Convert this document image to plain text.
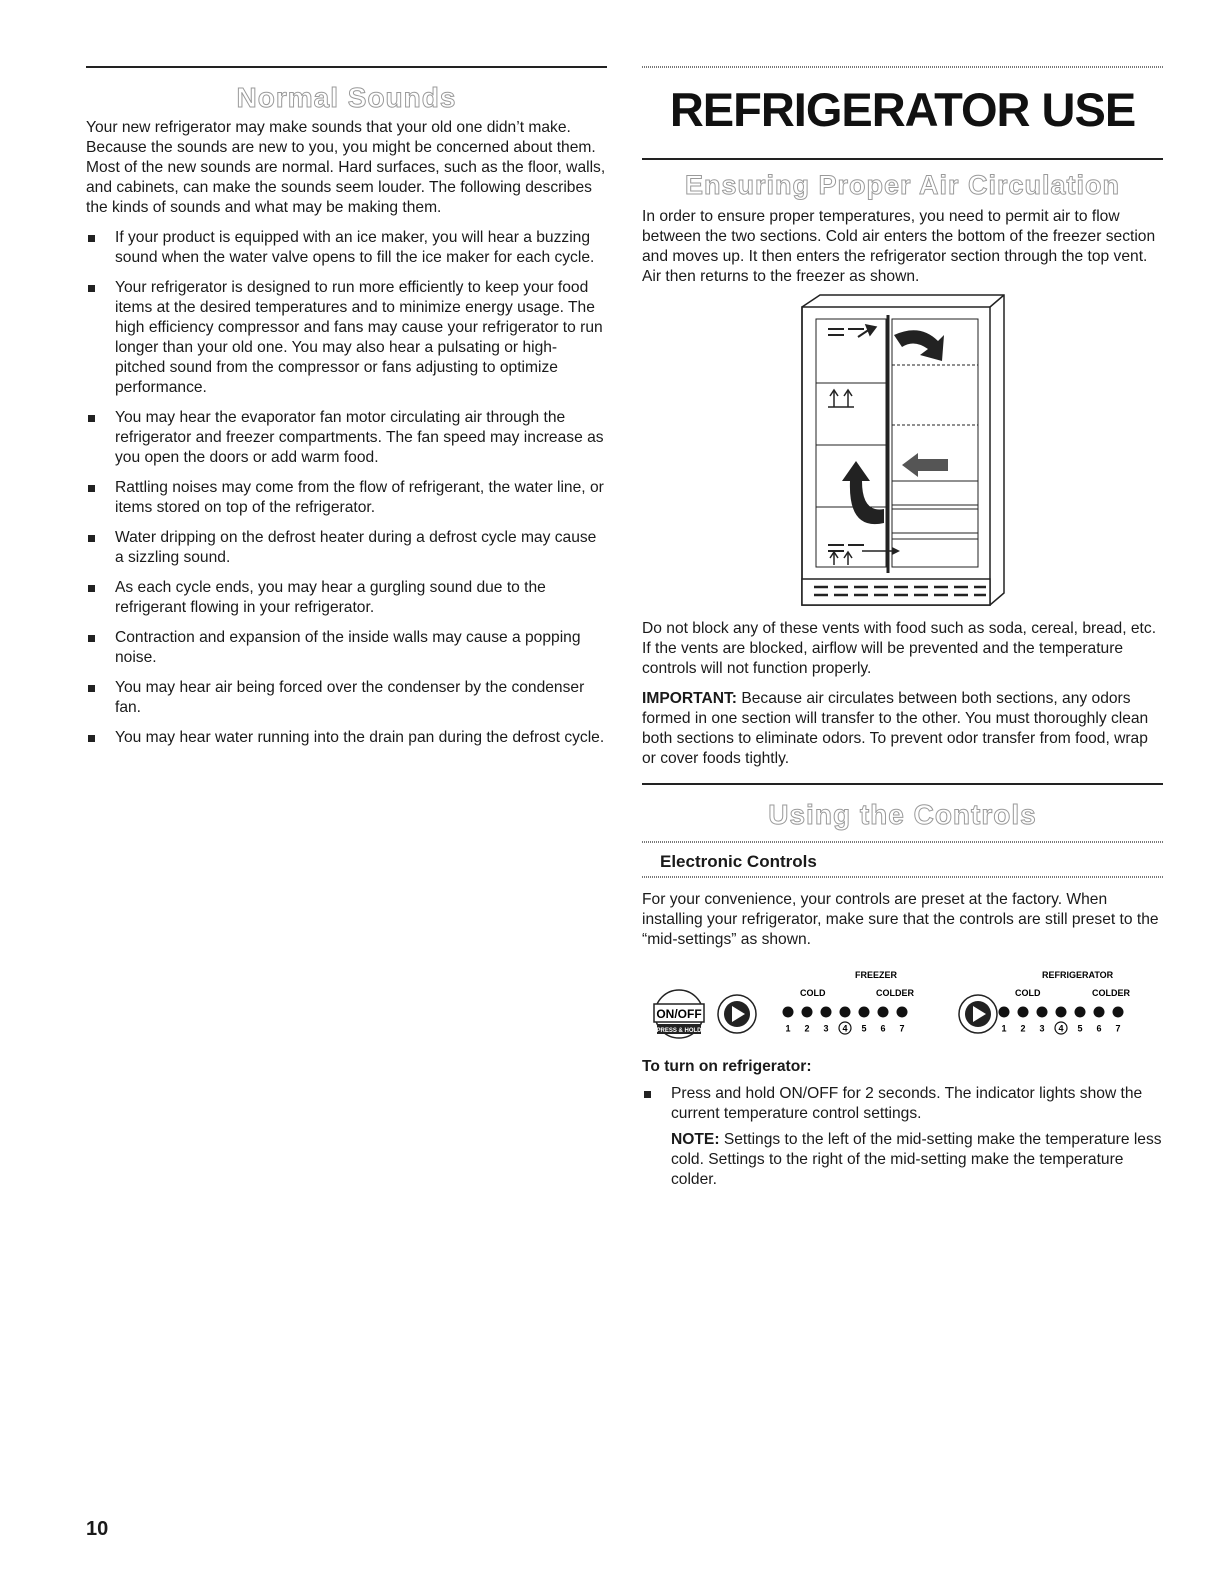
Normal Sounds

Your new refrigerator may make sounds that your old one didn’t make. Because the sounds are new to you, you might be concerned about them. Most of the new sounds are normal. Hard surfaces, such as the floor, walls, and cabinets, can make the sounds seem louder. The following describes the kinds of sounds and what may be making them.

If your product is equipped with an ice maker, you will hear a buzzing sound when the water valve opens to fill the ice maker for each cycle.
Your refrigerator is designed to run more efficiently to keep your food items at the desired temperatures and to minimize energy usage. The high efficiency compressor and fans may cause your refrigerator to run longer than your old one. You may also hear a pulsating or high-pitched sound from the compressor or fans adjusting to optimize performance.
You may hear the evaporator fan motor circulating air through the refrigerator and freezer compartments. The fan speed may increase as you open the doors or add warm food.
Rattling noises may come from the flow of refrigerant, the water line, or items stored on top of the refrigerator.
Water dripping on the defrost heater during a defrost cycle may cause a sizzling sound.
As each cycle ends, you may hear a gurgling sound due to the refrigerant flowing in your refrigerator.
Contraction and expansion of the inside walls may cause a popping noise.
You may hear air being forced over the condenser by the condenser fan.
You may hear water running into the drain pan during the defrost cycle.
REFRIGERATOR USE
Ensuring Proper Air Circulation

In order to ensure proper temperatures, you need to permit air to flow between the two sections. Cold air enters the bottom of the freezer section and moves up. It then enters the refrigerator section through the top vent. Air then returns to the freezer as shown.

Do not block any of these vents with food such as soda, cereal, bread, etc. If the vents are blocked, airflow will be prevented and the temperature controls will not function properly.

IMPORTANT: Because air circulates between both sections, any odors formed in one section will transfer to the other. You must thoroughly clean both sections to eliminate odors. To prevent odor transfer from food, wrap or cover foods tightly.

Using the Controls
Electronic Controls

For your convenience, your controls are preset at the factory. When installing your refrigerator, make sure that the controls are still preset to the “mid-settings” as shown.

FREEZER	REFRIGERATOR
ON/OFF
PRESS & HOLD
COLD	COLDER
1 2 3 4 5 6 7
COLD	COLDER
1 2 3 4 5 6 7
To turn on refrigerator:
Press and hold ON/OFF for 2 seconds. The indicator lights show the current temperature control settings.

NOTE: Settings to the left of the mid-setting make the temperature less cold. Settings to the right of the mid-setting make the temperature colder.

10
